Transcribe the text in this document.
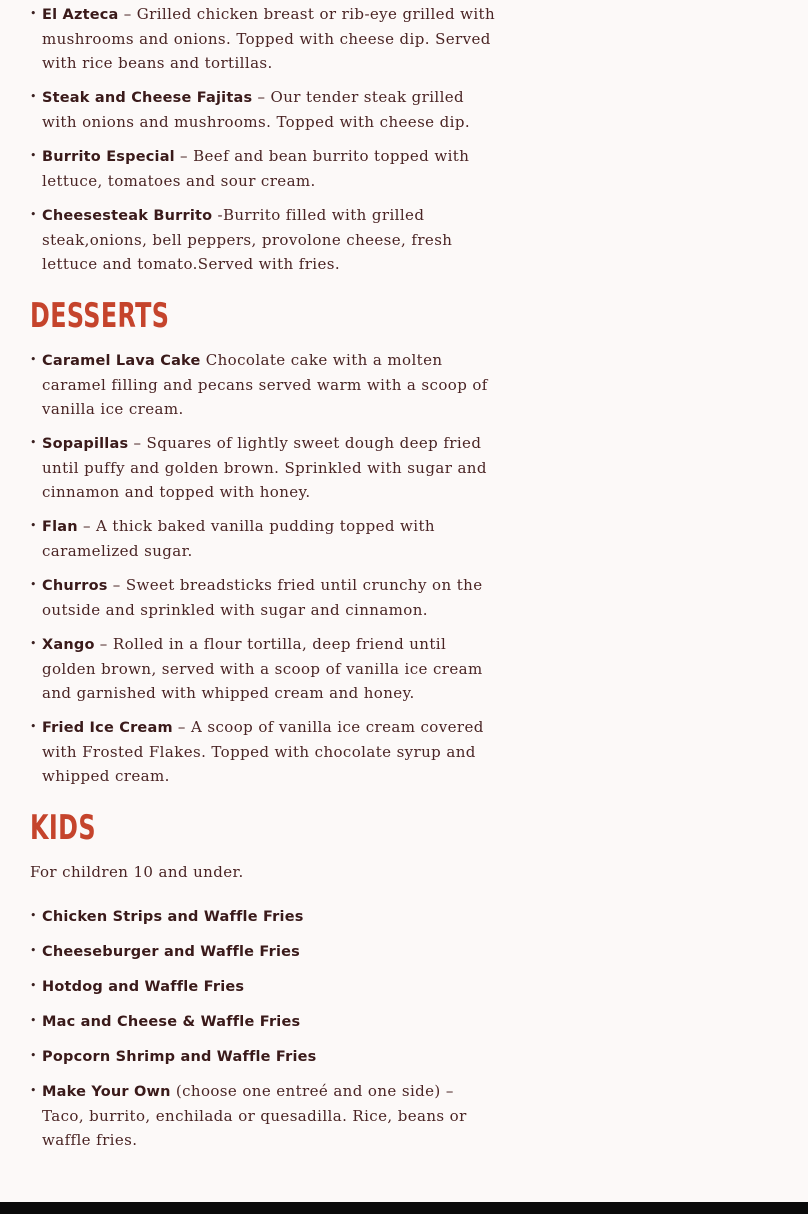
• El Azteca – Grilled chicken breast or rib-eye grilled with mushrooms and onions. Topped with cheese dip. Served with rice beans and tortillas.
• Steak and Cheese Fajitas – Our tender steak grilled with onions and mushrooms. Topped with cheese dip.
• Burrito Especial – Beef and bean burrito topped with lettuce, tomatoes and sour cream.
• Cheesesteak Burrito -Burrito filled with grilled steak,onions, bell peppers, provolone cheese, fresh lettuce and tomato.Served with fries.
DESSERTS
• Caramel Lava Cake Chocolate cake with a molten caramel filling and pecans served warm with a scoop of vanilla ice cream.
• Sopapillas – Squares of lightly sweet dough deep fried until puffy and golden brown. Sprinkled with sugar and cinnamon and topped with honey.
• Flan – A thick baked vanilla pudding topped with caramelized sugar.
• Churros – Sweet breadsticks fried until crunchy on the outside and sprinkled with sugar and cinnamon.
• Xango – Rolled in a flour tortilla, deep friend until golden brown, served with a scoop of vanilla ice cream and garnished with whipped cream and honey.
• Fried Ice Cream – A scoop of vanilla ice cream covered with Frosted Flakes. Topped with chocolate syrup and whipped cream.
KIDS

For children 10 and under.

• Chicken Strips and Waffle Fries
• Cheeseburger and Waffle Fries
• Hotdog and Waffle Fries
• Mac and Cheese & Waffle Fries
• Popcorn Shrimp and Waffle Fries
• Make Your Own (choose one entreé and one side) – Taco, burrito, enchilada or quesadilla. Rice, beans or waffle fries.
